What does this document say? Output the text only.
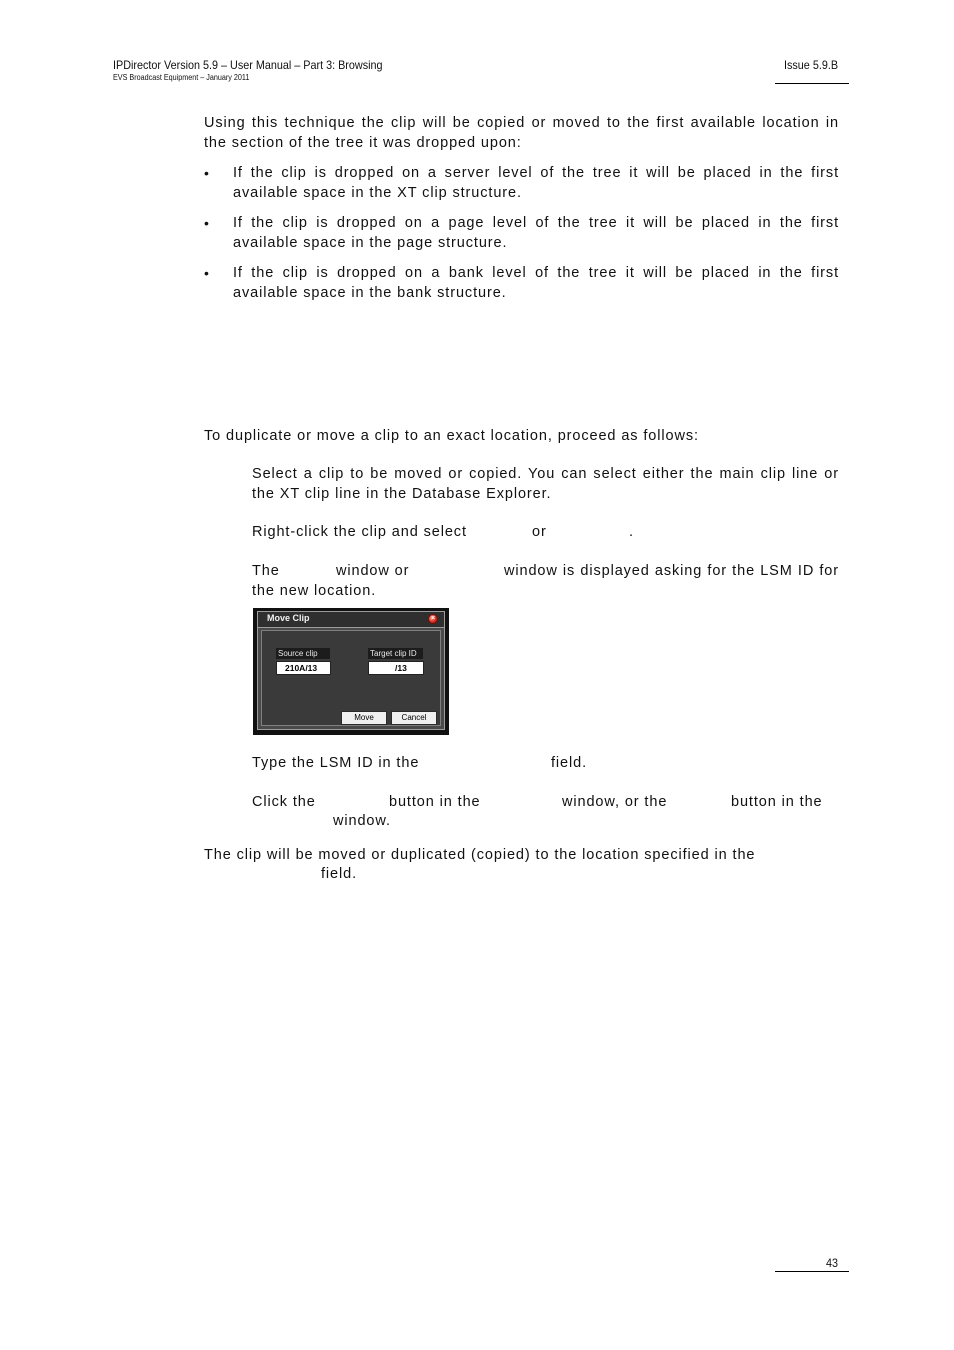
IPDirector Version 5.9 – User Manual – Part 3: Browsing
EVS Broadcast Equipment – January 2011
Issue 5.9.B
Using this technique the clip will be copied or moved to the first available location in the section of the tree it was dropped upon:
• If the clip is dropped on a server level of the tree it will be placed in the first available space in the XT clip structure.
• If the clip is dropped on a page level of the tree it will be placed in the first available space in the page structure.
• If the clip is dropped on a bank level of the tree it will be placed in the first available space in the bank structure.
To duplicate or move a clip to an exact location, proceed as follows:
Select a clip to be moved or copied. You can select either the main clip line or the XT clip line in the Database Explorer.
Right-click the clip and select	or	.
The	window or	window is displayed asking for the LSM ID for the new location.
Move Clip	×
Source clip
210A/13
Target clip ID
/13
Move	Cancel
Type the LSM ID in the	field.
Click the	button in the	window, or the	button in the
window.
The clip will be moved or duplicated (copied) to the location specified in the
field.
43
